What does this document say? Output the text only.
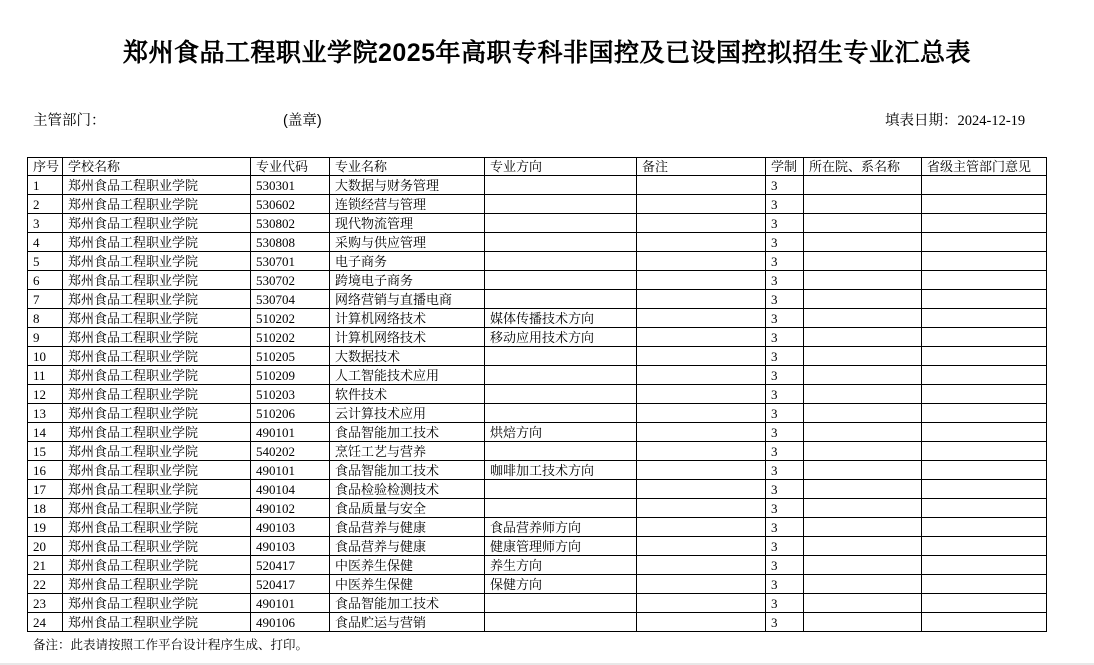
郑州食品工程职业学院2025年高职专科非国控及已设国控拟招生专业汇总表
主管部门：	(盖章)	填表日期：2024-12-19
序号	学校名称	专业代码	专业名称	专业方向	备注	学制	所在院、系名称	省级主管部门意见
1	郑州食品工程职业学院	530301	大数据与财务管理			3		
2	郑州食品工程职业学院	530602	连锁经营与管理			3		
3	郑州食品工程职业学院	530802	现代物流管理			3		
4	郑州食品工程职业学院	530808	采购与供应管理			3		
5	郑州食品工程职业学院	530701	电子商务			3		
6	郑州食品工程职业学院	530702	跨境电子商务			3		
7	郑州食品工程职业学院	530704	网络营销与直播电商			3		
8	郑州食品工程职业学院	510202	计算机网络技术	媒体传播技术方向		3		
9	郑州食品工程职业学院	510202	计算机网络技术	移动应用技术方向		3		
10	郑州食品工程职业学院	510205	大数据技术			3		
11	郑州食品工程职业学院	510209	人工智能技术应用			3		
12	郑州食品工程职业学院	510203	软件技术			3		
13	郑州食品工程职业学院	510206	云计算技术应用			3		
14	郑州食品工程职业学院	490101	食品智能加工技术	烘焙方向		3		
15	郑州食品工程职业学院	540202	烹饪工艺与营养			3		
16	郑州食品工程职业学院	490101	食品智能加工技术	咖啡加工技术方向		3		
17	郑州食品工程职业学院	490104	食品检验检测技术			3		
18	郑州食品工程职业学院	490102	食品质量与安全			3		
19	郑州食品工程职业学院	490103	食品营养与健康	食品营养师方向		3		
20	郑州食品工程职业学院	490103	食品营养与健康	健康管理师方向		3		
21	郑州食品工程职业学院	520417	中医养生保健	养生方向		3		
22	郑州食品工程职业学院	520417	中医养生保健	保健方向		3		
23	郑州食品工程职业学院	490101	食品智能加工技术			3		
24	郑州食品工程职业学院	490106	食品贮运与营销			3		
备注：此表请按照工作平台设计程序生成、打印。
